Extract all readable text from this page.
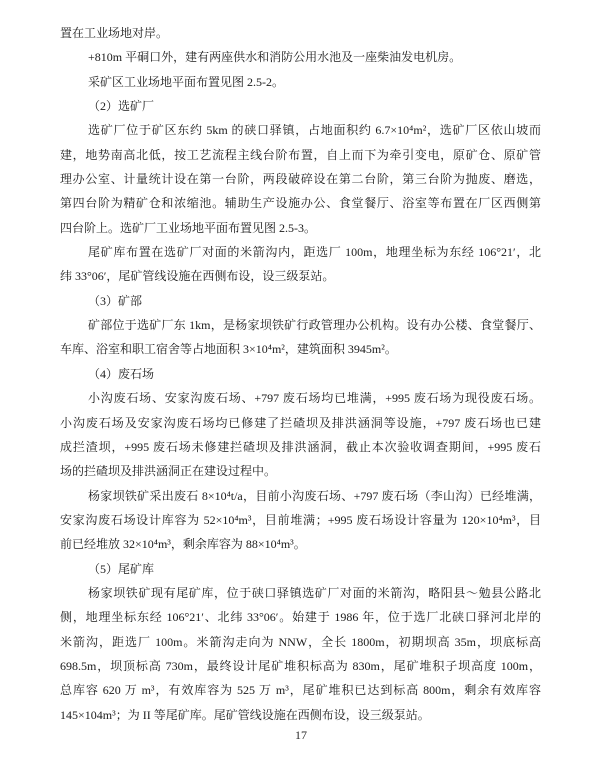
置在工业场地对岸。
+810m 平硐口外，建有两座供水和消防公用水池及一座柴油发电机房。
采矿区工业场地平面布置见图 2.5-2。
（2）选矿厂
选矿厂位于矿区东约 5km 的硖口驿镇，占地面积约 6.7×10⁴m²，选矿厂区依山坡而
建，地势南高北低，按工艺流程主线台阶布置，自上而下为牵引变电，原矿仓、原矿管
理办公室、计量统计设在第一台阶，两段破碎设在第二台阶，第三台阶为抛废、磨选，
第四台阶为精矿仓和浓缩池。辅助生产设施办公、食堂餐厅、浴室等布置在厂区西侧第
四台阶上。选矿厂工业场地平面布置见图 2.5-3。
尾矿库布置在选矿厂对面的米箭沟内，距选厂 100m，地理坐标为东经 106°21′，北
纬 33°06′，尾矿管线设施在西侧布设，设三级泵站。
（3）矿部
矿部位于选矿厂东 1km，是杨家坝铁矿行政管理办公机构。设有办公楼、食堂餐厅、
车库、浴室和职工宿舍等占地面积 3×10⁴m²，建筑面积 3945m²。
（4）废石场
小沟废石场、安家沟废石场、+797 废石场均已堆满，+995 废石场为现役废石场。
小沟废石场及安家沟废石场均已修建了拦碴坝及排洪涵洞等设施，+797 废石场也已建
成拦渣坝，+995 废石场未修建拦碴坝及排洪涵洞，截止本次验收调查期间，+995 废石
场的拦碴坝及排洪涵洞正在建设过程中。
杨家坝铁矿采出废石 8×10⁴t/a，目前小沟废石场、+797 废石场（李山沟）已经堆满，
安家沟废石场设计库容为 52×10⁴m³，目前堆满；+995 废石场设计容量为 120×10⁴m³，目
前已经堆放 32×10⁴m³，剩余库容为 88×10⁴m³。
（5）尾矿库
杨家坝铁矿现有尾矿库，位于硖口驿镇选矿厂对面的米箭沟，略阳县～勉县公路北
侧，地理坐标东经 106°21′、北纬 33°06′。始建于 1986 年，位于选厂北硖口驿河北岸的
米箭沟，距选厂 100m。米箭沟走向为 NNW，全长 1800m，初期坝高 35m，坝底标高
698.5m，坝顶标高 730m，最终设计尾矿堆积标高为 830m，尾矿堆积子坝高度 100m，
总库容 620 万 m³，有效库容为 525 万 m³，尾矿堆积已达到标高 800m，剩余有效库容
145×104m³；为 II 等尾矿库。尾矿管线设施在西侧布设，设三级泵站。
17
